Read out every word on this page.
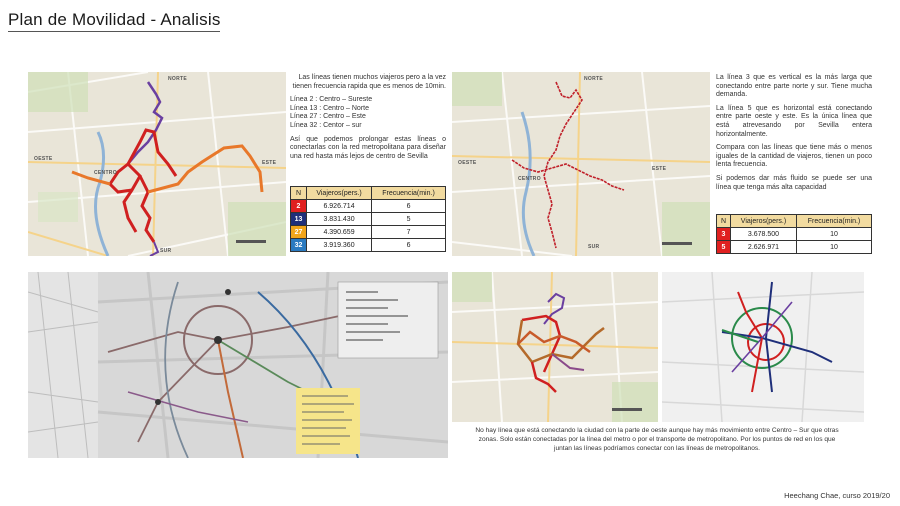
Plan de Movilidad - Analisis
NORTE
OESTE
ESTE
CENTRO
SUR

Las líneas tienen muchos viajeros pero a la vez tienen frecuencia rapida que es menos de 10min.

Línea 2 : Centro – Sureste
Línea 13 : Centro – Norte
Línea 27 : Centro – Este
Línea 32 : Centor – sur

Así que podemos prolongar estas líneas o conectarlas con la red metropolitana para diseñar una red hasta más lejos de centro de Sevilla

N	Viajeros(pers.)	Frecuencia(min.)
2	6.926.714	6
13	3.831.430	5
27	4.390.659	7
32	3.919.360	6
NORTE
OESTE
ESTE
CENTRO
SUR

La línea 3 que es vertical es la más larga que conectando entre parte norte y sur. Tiene mucha demanda.

La línea 5 que es horizontal está conectando entre parte oeste y este. Es la única línea que está atrevesando por Sevilla entera horizontalmente.

Compara con las líneas que tiene más o menos iguales de la cantidad de viajeros, tienen un poco lenta frecuencia.

Si podemos dar más fluido se puede ser una línea que tenga más alta capacidad

N	Viajeros(pers.)	Frecuencia(min.)
3	3.678.500	10
5	2.626.971	10
No hay línea que está conectando la ciudad con la parte de oeste aunque hay más movimiento entre Centro – Sur que otras zonas. Solo están conectadas por la línea del metro o por el transporte de metropolitano. Por los puntos de red en los que juntan las líneas podríamos conectar con las líneas de metropolitanos.
Heechang Chae, curso 2019/20
